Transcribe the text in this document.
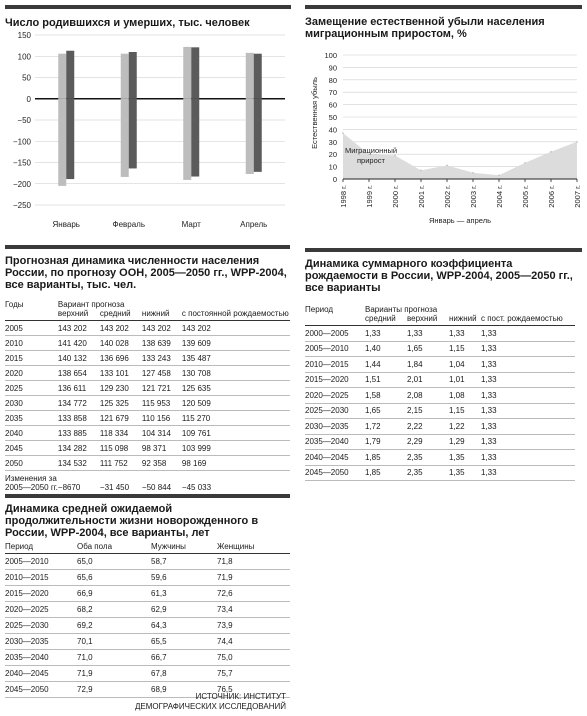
Число родившихся и умерших, тыс. человек
150
100
50
0
−50
−100
−150
−200
−250
Январь	Февраль	Март	Апрель
Замещение естественной убыли населения миграционным приростом, %
100
90
80
70
60
50
40
30
20
10
0
1998 г. 1999 г. 2000 г. 2001 г. 2002 г. 2003 г. 2004 г. 2005 г. 2006 г. 2007 г.
Естественная убыль
Миграционный
прирост
Январь — апрель
Прогнозная динамика численности населения России, по прогнозу ООН, 2005—2050 гг., WPP-2004, все варианты, тыс. чел.
Годы	Вариант прогноза			
	верхний	средний	нижний	с постоянной рождаемостью
2005	143 202	143 202	143 202	143 202
2010	141 420	140 028	138 639	139 609
2015	140 132	136 696	133 243	135 487
2020	138 654	133 101	127 458	130 708
2025	136 611	129 230	121 721	125 635
2030	134 772	125 325	115 953	120 509
2035	133 858	121 679	110 156	115 270
2040	133 885	118 334	104 314	109 761
2045	134 282	115 098	98 371	103 999
2050	134 532	111 752	92 358	98 169
Изменения за				
2005—2050 гг.	−8670	−31 450	−50 844	−45 033
Динамика суммарного коэффициента рождаемости в России, WPP-2004, 2005—2050 гг., все варианты
Период	Варианты прогноза			
	средний	верхний	нижний	с пост. рождаемостью
2000—2005	1,33	1,33	1,33	1,33
2005—2010	1,40	1,65	1,15	1,33
2010—2015	1,44	1,84	1,04	1,33
2015—2020	1,51	2,01	1,01	1,33
2020—2025	1,58	2,08	1,08	1,33
2025—2030	1,65	2,15	1,15	1,33
2030—2035	1,72	2,22	1,22	1,33
2035—2040	1,79	2,29	1,29	1,33
2040—2045	1,85	2,35	1,35	1,33
2045—2050	1,85	2,35	1,35	1,33
Динамика средней ожидаемой продолжительности жизни новорожденного в России, WPP-2004, все варианты, лет
Период	Оба пола	Мужчины	Женщины
2005—2010	65,0	58,7	71,8
2010—2015	65,6	59,6	71,9
2015—2020	66,9	61,3	72,6
2020—2025	68,2	62,9	73,4
2025—2030	69,2	64,3	73,9
2030—2035	70,1	65,5	74,4
2035—2040	71,0	66,7	75,0
2040—2045	71,9	67,8	75,7
2045—2050	72,9	68,9	76,5
ИСТОЧНИК: ИНСТИТУТ
ДЕМОГРАФИЧЕСКИХ ИССЛЕДОВАНИЙ
